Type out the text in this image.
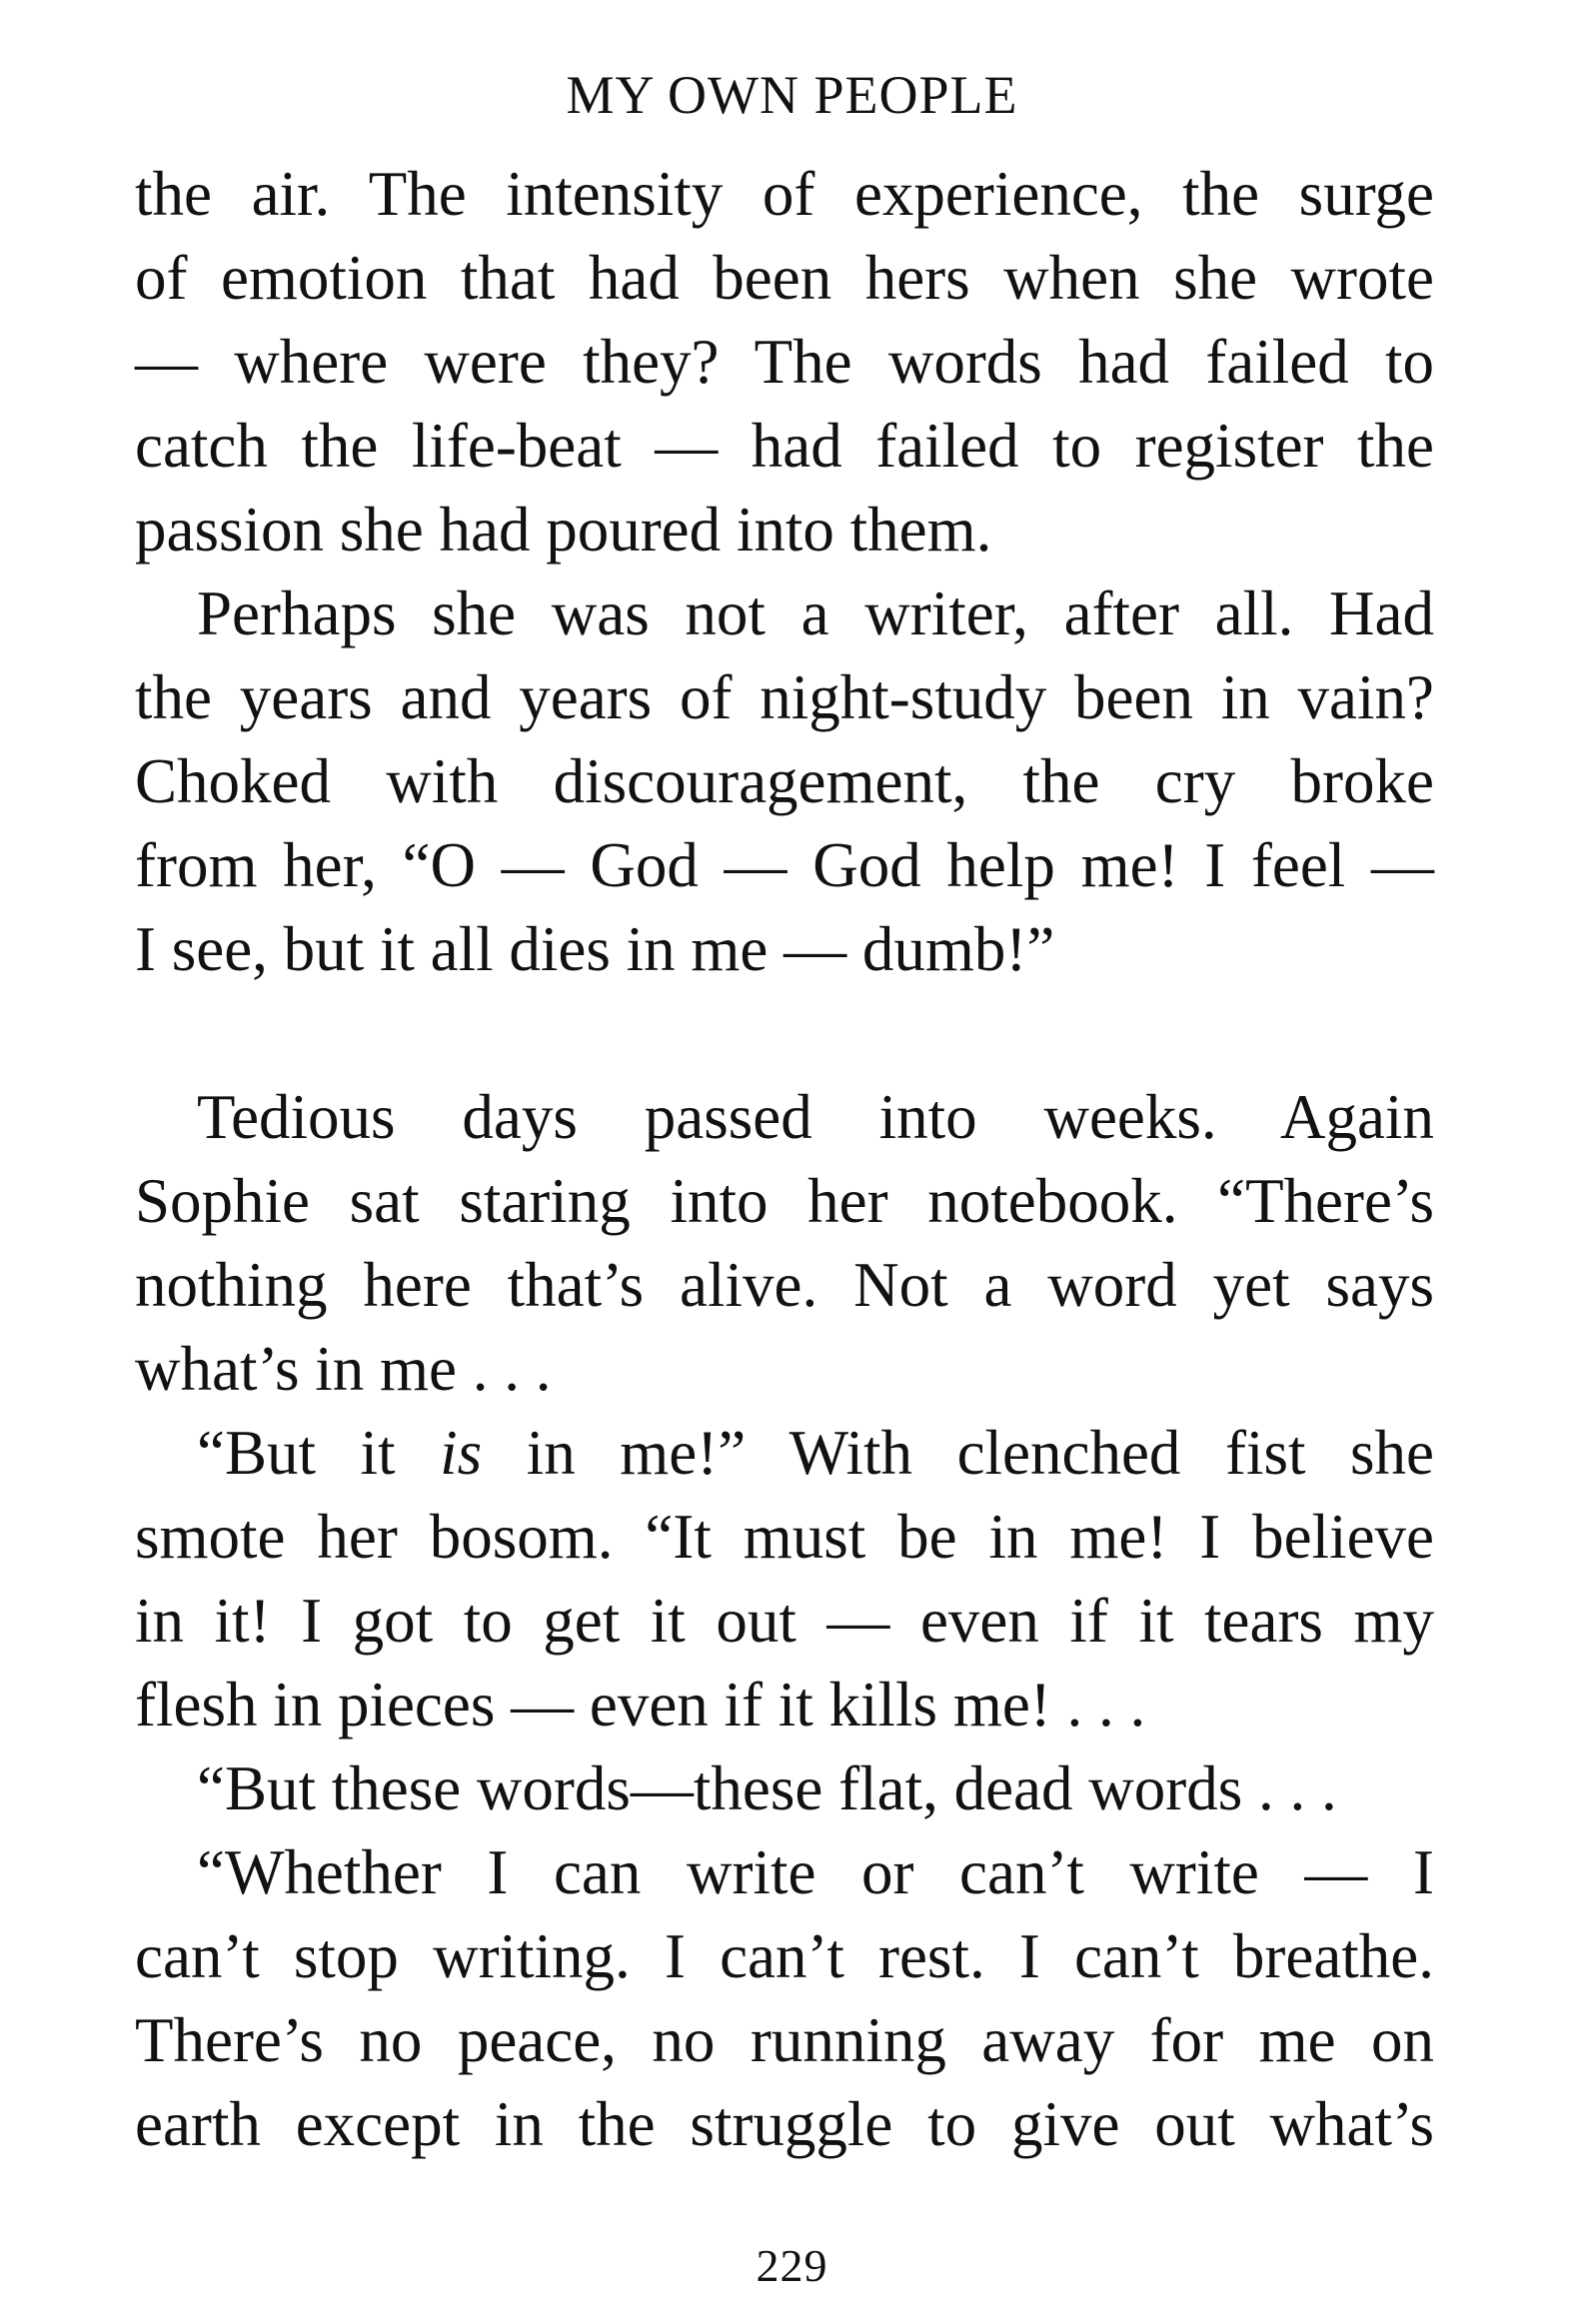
MY OWN PEOPLE
the air. The intensity of experience, the surge
of emotion that had been hers when she wrote
— where were they? The words had failed to
catch the life-beat — had failed to register the
passion she had poured into them.
Perhaps she was not a writer, after all. Had
the years and years of night-study been in vain?
Choked with discouragement, the cry broke
from her, “O — God — God help me! I feel —
I see, but it all dies in me — dumb!”
Tedious days passed into weeks. Again
Sophie sat staring into her notebook. “There’s
nothing here that’s alive. Not a word yet says
what’s in me . . .
“But it is in me!” With clenched fist she
smote her bosom. “It must be in me! I believe
in it! I got to get it out — even if it tears my
flesh in pieces — even if it kills me! . . .
“But these words—these flat, dead words . . .
“Whether I can write or can’t write — I
can’t stop writing. I can’t rest. I can’t breathe.
There’s no peace, no running away for me on
earth except in the struggle to give out what’s
229
